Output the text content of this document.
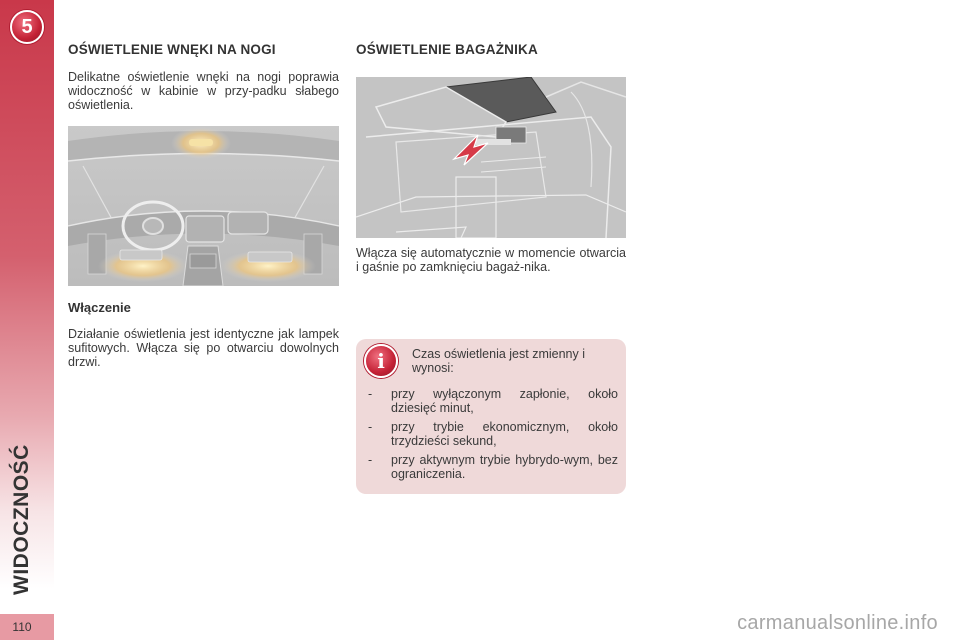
5
WIDOCZNOŚĆ
110
OŚWIETLENIE WNĘKI NA NOGI

Delikatne oświetlenie wnęki na nogi poprawia widoczność w kabinie w przy-padku słabego oświetlenia.

Włączenie

Działanie oświetlenia jest identyczne jak lampek sufitowych. Włącza się po otwarciu dowolnych drzwi.

OŚWIETLENIE BAGAŻNIKA

Włącza się automatycznie w momencie otwarcia i gaśnie po zamknięciu bagaż-nika.

i	Czas oświetlenia jest zmienny i wynosi:
- przy wyłączonym zapłonie, około dziesięć minut,
- przy trybie ekonomicznym, około trzydzieści sekund,
- przy aktywnym trybie hybrydo-wym, bez ograniczenia.
carmanualsonline.info
